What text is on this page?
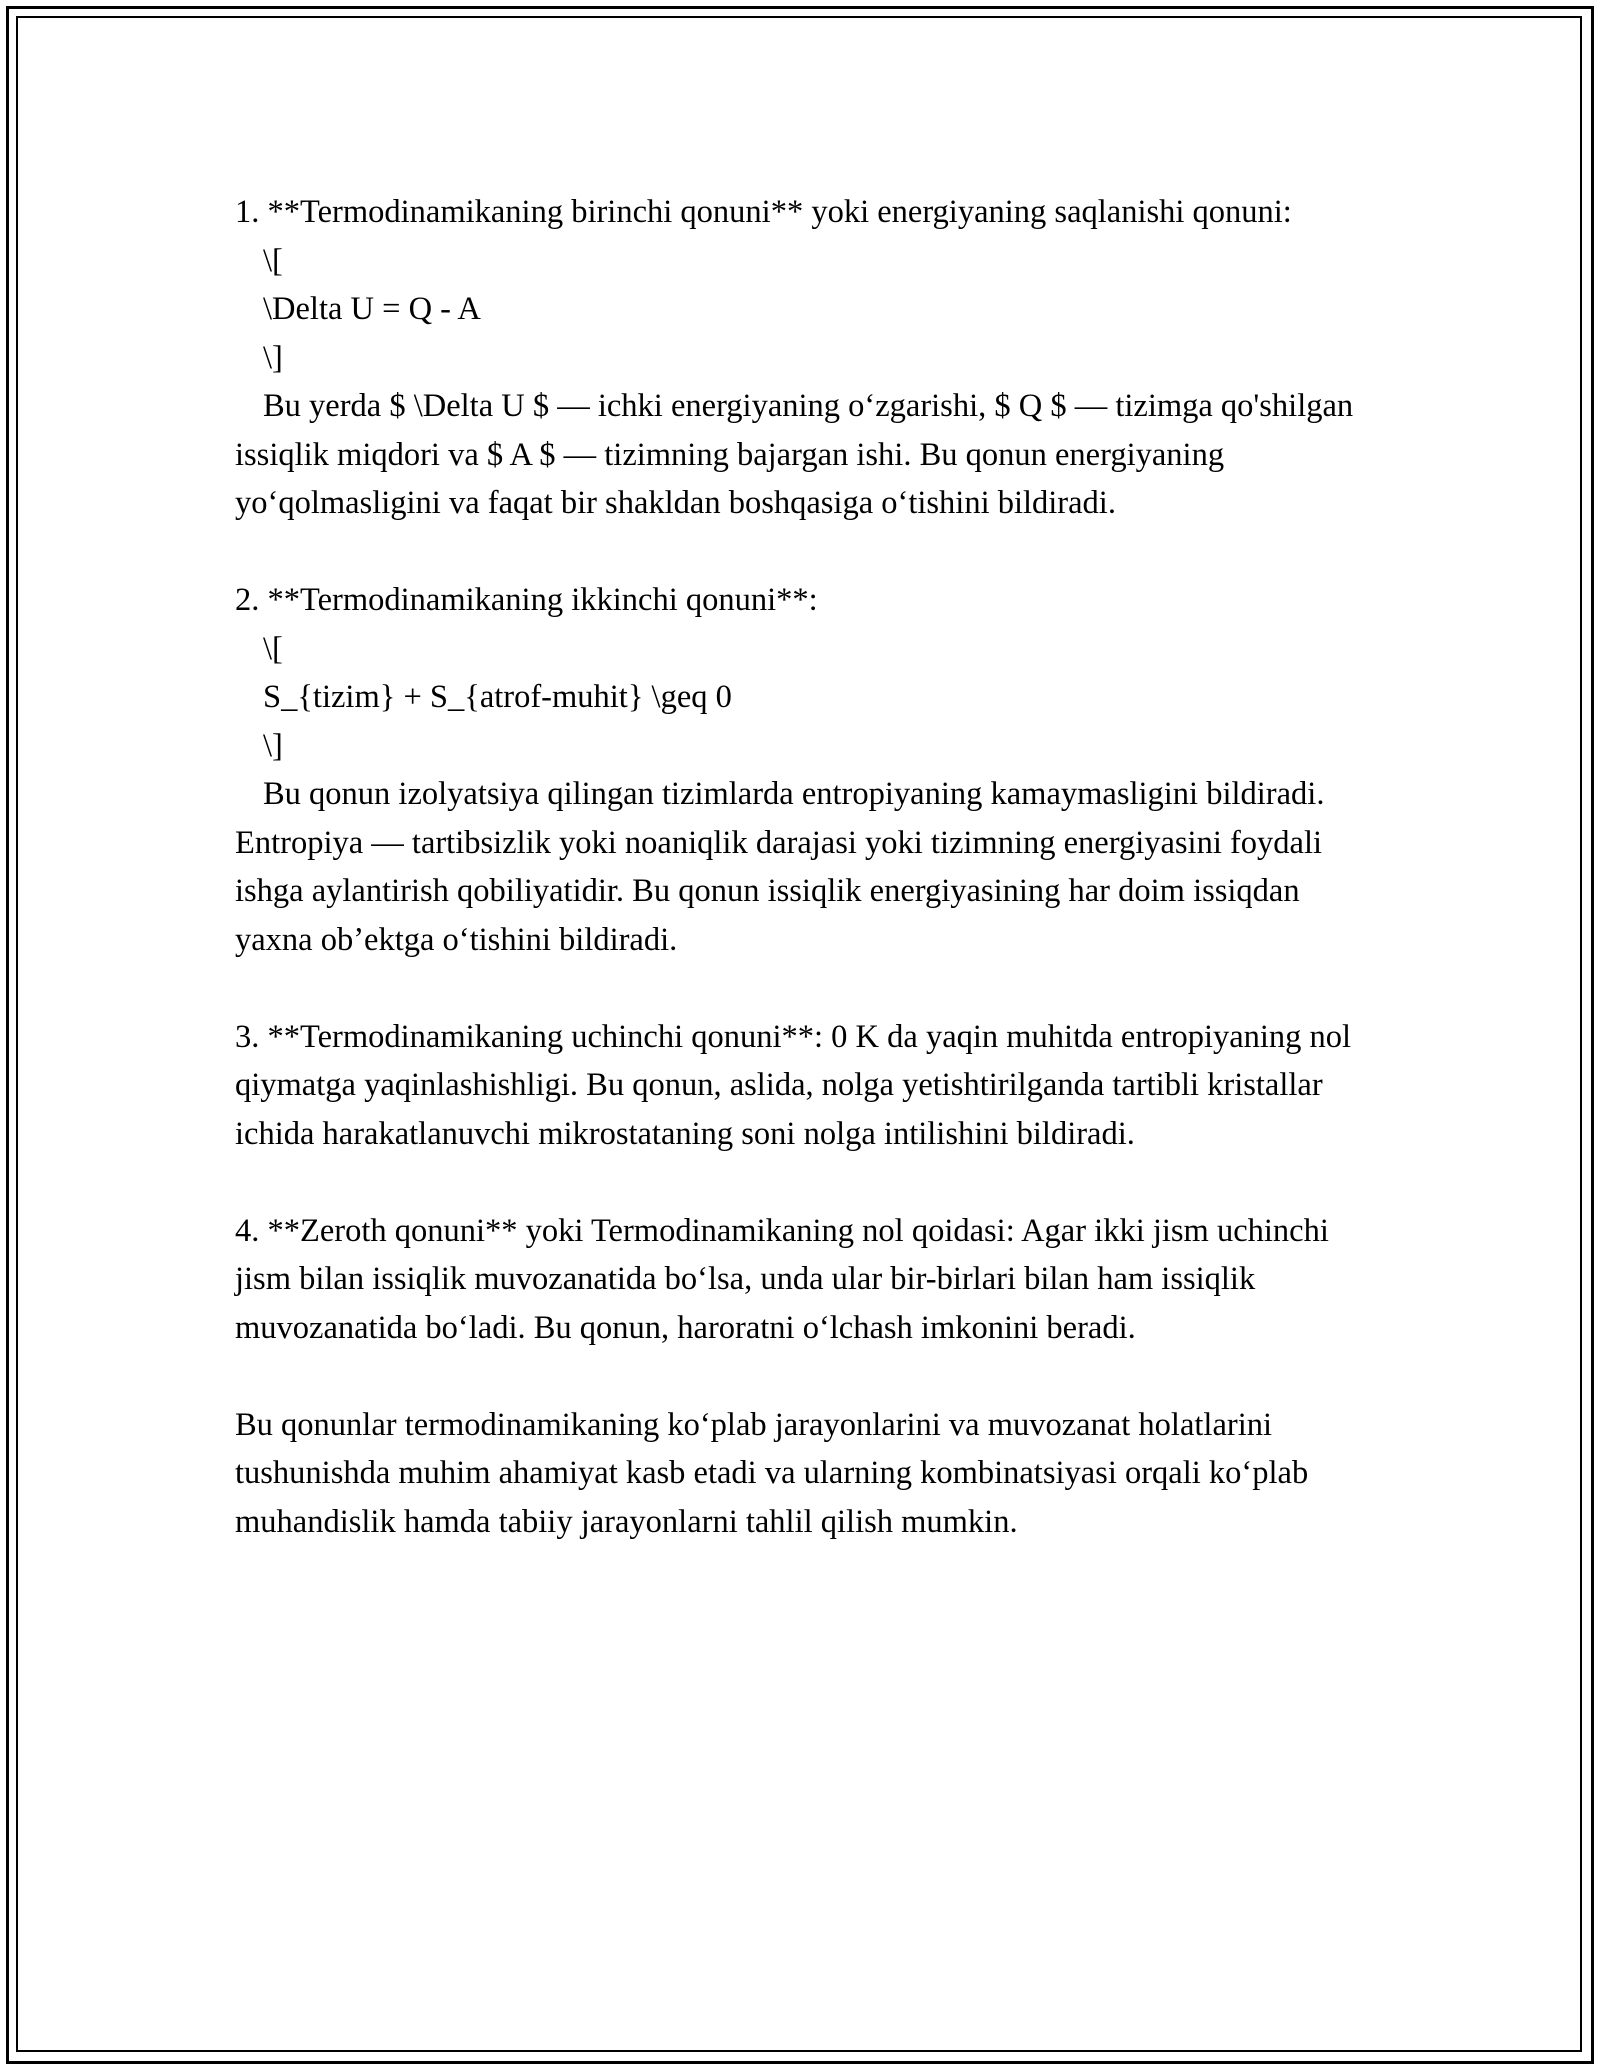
1. **Termodinamikaning birinchi qonuni** yoki energiyaning saqlanishi qonuni:

\[

\Delta U = Q - A

\]

Bu yerda $ \Delta U $ — ichki energiyaning oʻzgarishi, $ Q $ — tizimga qo'shilgan issiqlik miqdori va $ A $ — tizimning bajargan ishi. Bu qonun energiyaning yoʻqolmasligini va faqat bir shakldan boshqasiga oʻtishini bildiradi.

2. **Termodinamikaning ikkinchi qonuni**:

\[

S_{tizim} + S_{atrof-muhit} \geq 0

\]

Bu qonun izolyatsiya qilingan tizimlarda entropiyaning kamaymasligini bildiradi. Entropiya — tartibsizlik yoki noaniqlik darajasi yoki tizimning energiyasini foydali ishga aylantirish qobiliyatidir. Bu qonun issiqlik energiyasining har doim issiqdan yaxna obʼektga oʻtishini bildiradi.

3. **Termodinamikaning uchinchi qonuni**: 0 K da yaqin muhitda entropiyaning nol qiymatga yaqinlashishligi. Bu qonun, aslida, nolga yetishtirilganda tartibli kristallar ichida harakatlanuvchi mikrostataning soni nolga intilishini bildiradi.

4. **Zeroth qonuni** yoki Termodinamikaning nol qoidasi: Agar ikki jism uchinchi jism bilan issiqlik muvozanatida boʻlsa, unda ular bir-birlari bilan ham issiqlik muvozanatida boʻladi. Bu qonun, haroratni oʻlchash imkonini beradi.

Bu qonunlar termodinamikaning koʻplab jarayonlarini va muvozanat holatlarini tushunishda muhim ahamiyat kasb etadi va ularning kombinatsiyasi orqali koʻplab muhandislik hamda tabiiy jarayonlarni tahlil qilish mumkin.
